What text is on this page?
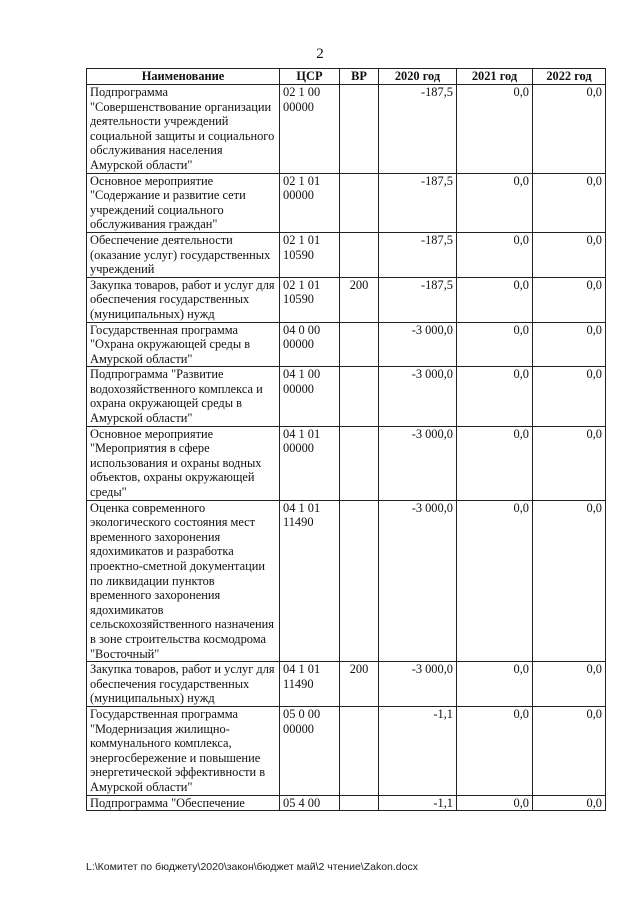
2
Наименование	ЦСР	ВР	2020 год	2021 год	2022 год
Подпрограмма "Совершенствование организации деятельности учреждений социальной защиты и социального обслуживания населения Амурской области"	02 1 00 00000		-187,5	0,0	0,0
Основное мероприятие "Содержание и развитие сети учреждений социального обслуживания граждан"	02 1 01 00000		-187,5	0,0	0,0
Обеспечение деятельности (оказание услуг) государственных учреждений	02 1 01 10590		-187,5	0,0	0,0
Закупка товаров, работ и услуг для обеспечения государственных (муниципальных) нужд	02 1 01 10590	200	-187,5	0,0	0,0
Государственная программа "Охрана окружающей среды в Амурской области"	04 0 00 00000		-3 000,0	0,0	0,0
Подпрограмма "Развитие водохозяйственного комплекса и охрана окружающей среды в Амурской области"	04 1 00 00000		-3 000,0	0,0	0,0
Основное мероприятие "Мероприятия в сфере использования и охраны водных объектов, охраны окружающей среды"	04 1 01 00000		-3 000,0	0,0	0,0
Оценка современного экологического состояния мест временного захоронения ядохимикатов и разработка проектно-сметной документации по ликвидации пунктов временного захоронения ядохимикатов сельскохозяйственного назначения в зоне строительства космодрома "Восточный"	04 1 01 11490		-3 000,0	0,0	0,0
Закупка товаров, работ и услуг для обеспечения государственных (муниципальных) нужд	04 1 01 11490	200	-3 000,0	0,0	0,0
Государственная программа "Модернизация жилищно-коммунального комплекса, энергосбережение и повышение энергетической эффективности в Амурской области"	05 0 00 00000		-1,1	0,0	0,0
Подпрограмма "Обеспечение	05 4 00		-1,1	0,0	0,0
L:\Комитет по бюджету\2020\закон\бюджет май\2 чтение\Zakon.docx
